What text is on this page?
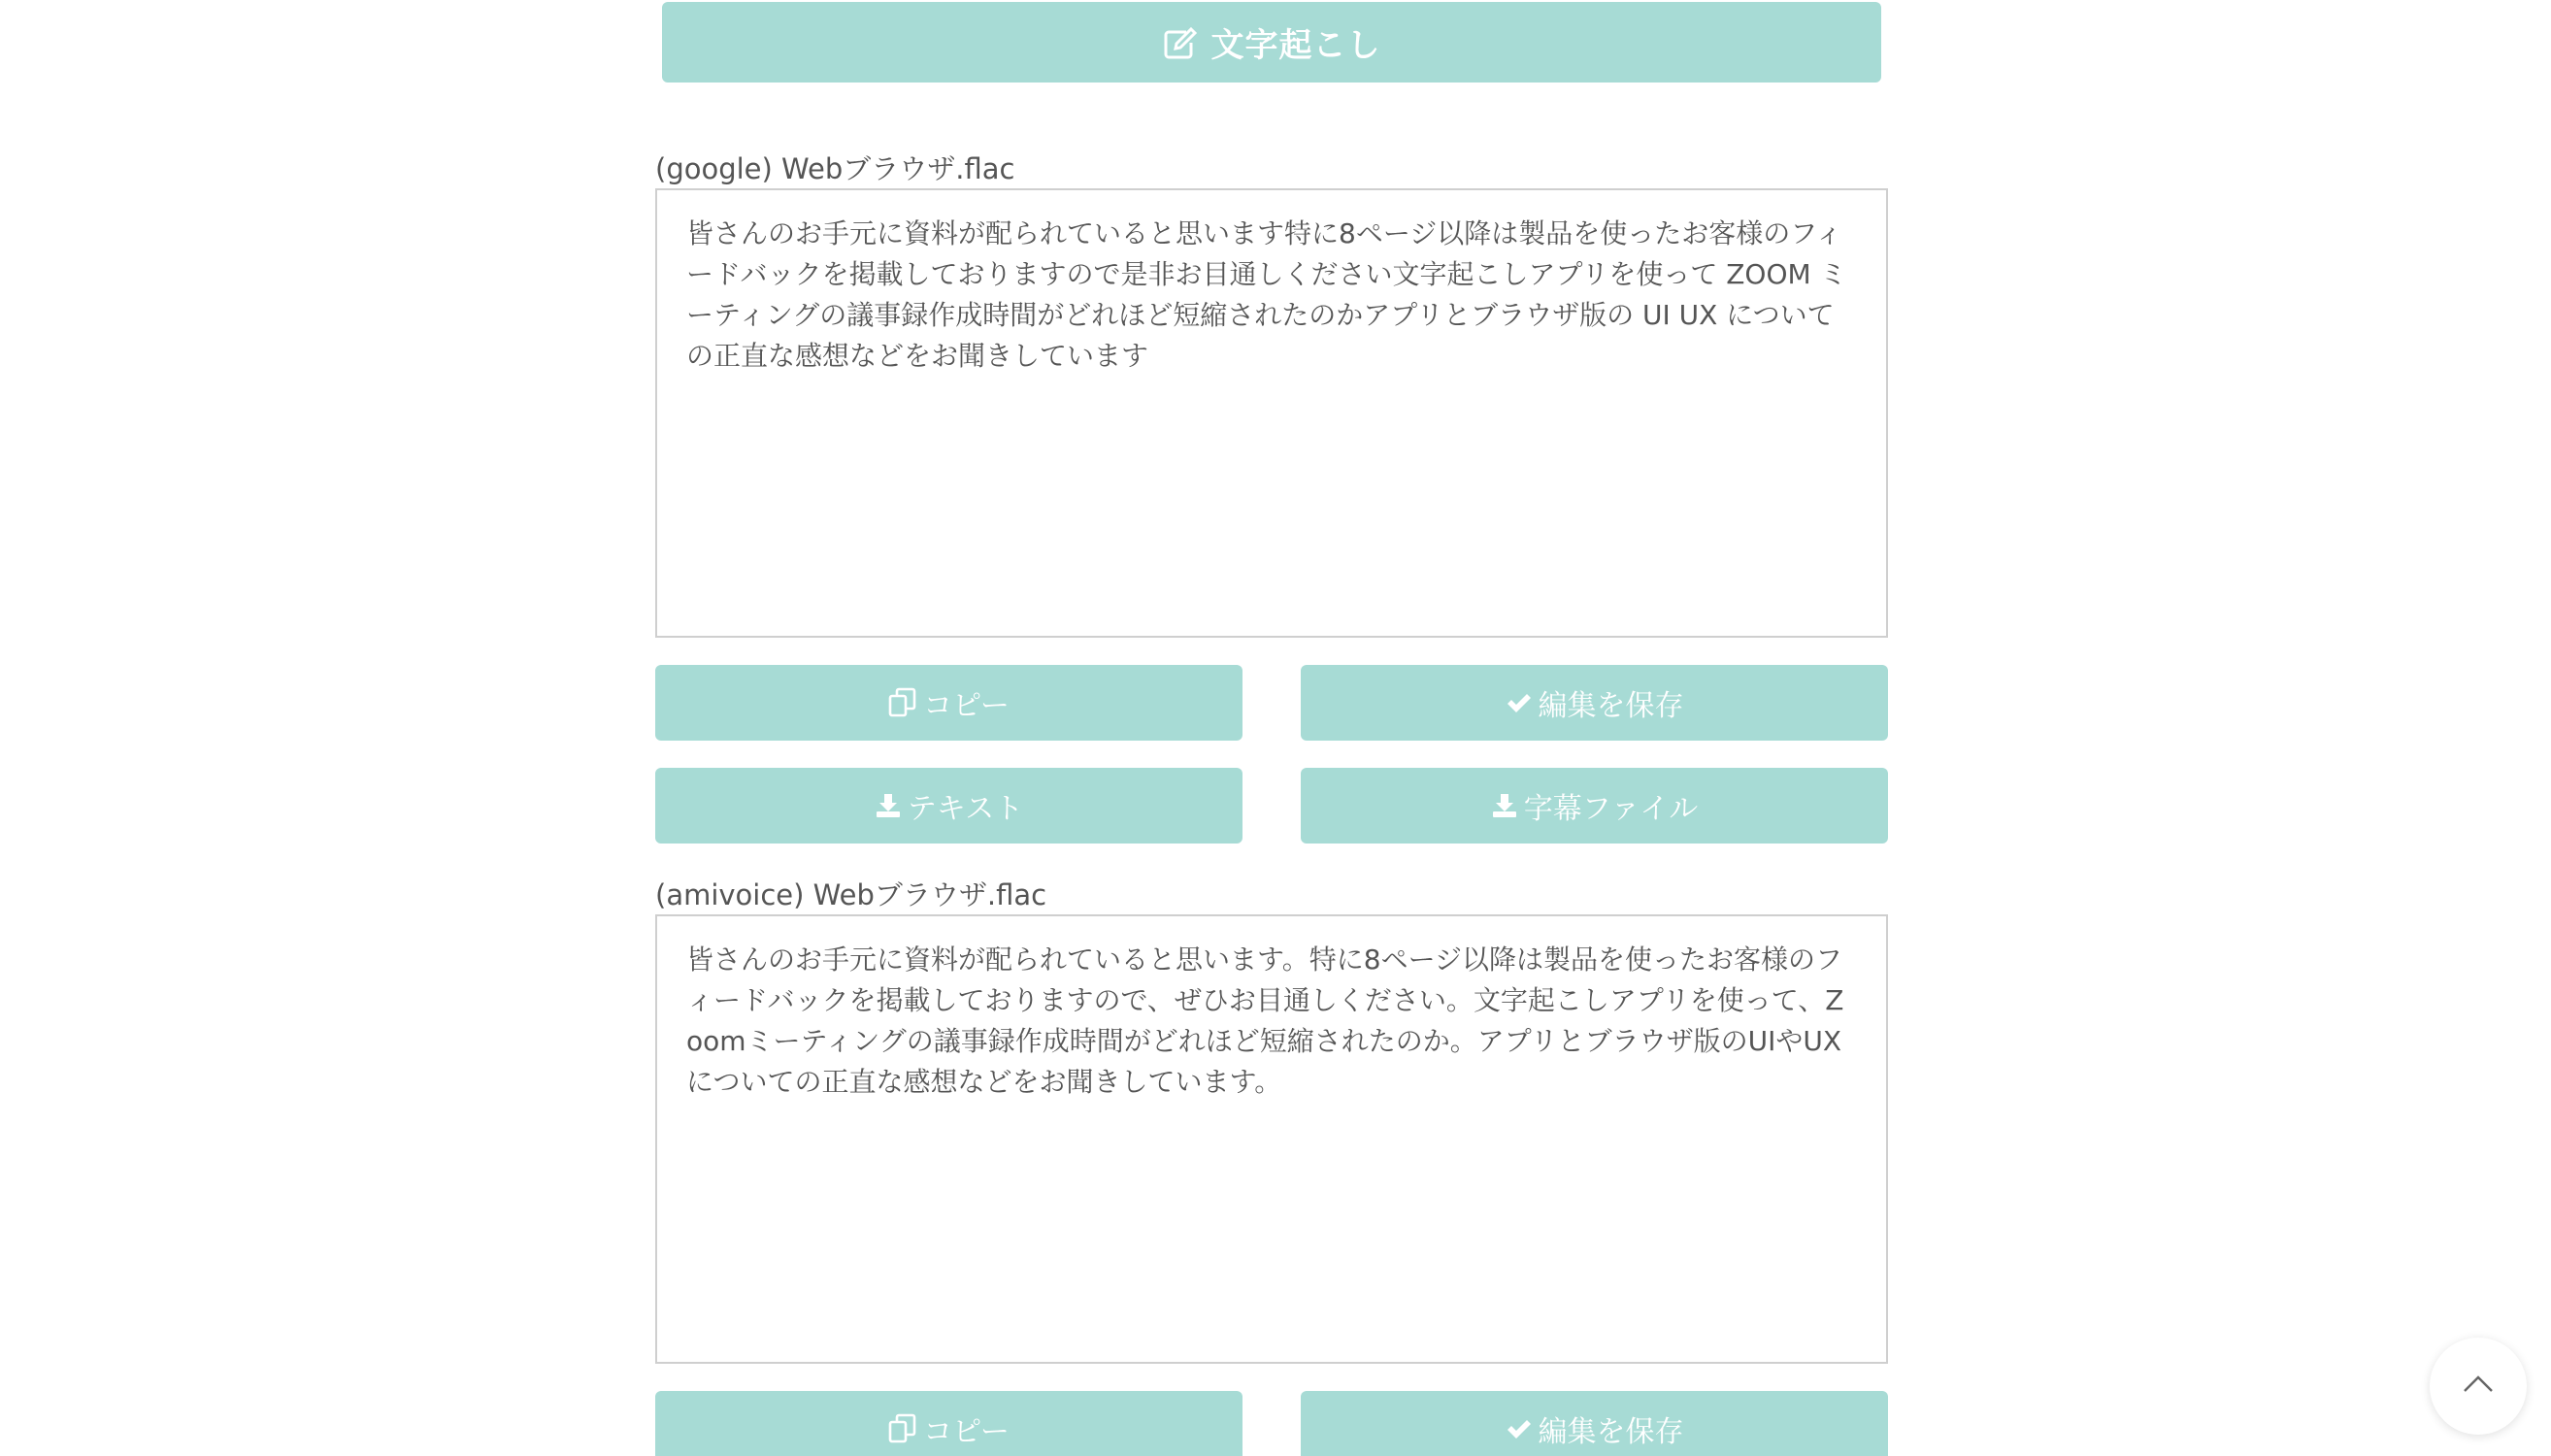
文字起こし
(google) Webブラウザ.flac
皆さんのお手元に資料が配られていると思います特に8ページ以降は製品を使ったお客様のフィードバックを掲載しておりますので是非お目通しください文字起こしアプリを使って ZOOM ミーティングの議事録作成時間がどれほど短縮されたのかアプリとブラウザ版の UI UX についての正直な感想などをお聞きしています
コピー	編集を保存
テキスト	字幕ファイル
(amivoice) Webブラウザ.flac
皆さんのお手元に資料が配られていると思います。特に8ページ以降は製品を使ったお客様のフィードバックを掲載しておりますので、ぜひお目通しください。文字起こしアプリを使って、Zoomミーティングの議事録作成時間がどれほど短縮されたのか。アプリとブラウザ版のUIやUXについての正直な感想などをお聞きしています。
コピー	編集を保存
